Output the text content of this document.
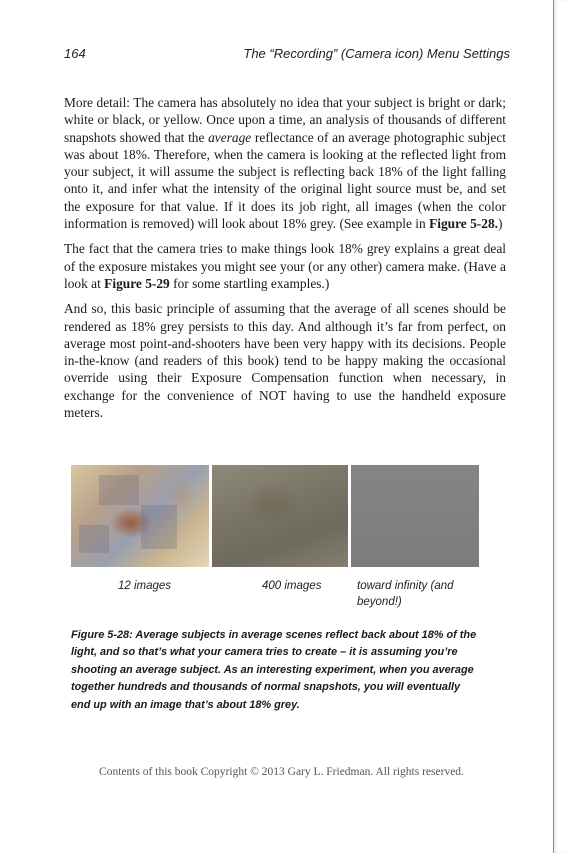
164	The “Recording” (Camera icon) Menu Settings

More detail: The camera has absolutely no idea that your subject is bright or dark; white or black, or yellow. Once upon a time, an analysis of thousands of different snapshots showed that the average reflectance of an average photographic subject was about 18%. Therefore, when the camera is looking at the reflected light from your subject, it will assume the subject is reflecting back 18% of the light falling onto it, and infer what the intensity of the original light source must be, and set the exposure for that value. If it does its job right, all images (when the color information is removed) will look about 18% grey. (See example in Figure 5-28.)

The fact that the camera tries to make things look 18% grey explains a great deal of the exposure mistakes you might see your (or any other) camera make. (Have a look at Figure 5-29 for some startling examples.)

And so, this basic principle of assuming that the average of all scenes should be rendered as 18% grey persists to this day. And although it’s far from perfect, on average most point-and-shooters have been very happy with its decisions. People in-the-know (and readers of this book) tend to be happy making the occasional override using their Exposure Compensation function when necessary, in exchange for the convenience of NOT having to use the handheld exposure meters.

12 images	400 images	toward infinity (and beyond!)
Figure 5-28: Average subjects in average scenes reflect back about 18% of the light, and so that’s what your camera tries to create – it is assuming you’re shooting an average subject. As an interesting experiment, when you average together hundreds and thousands of normal snapshots, you will eventually end up with an image that’s about 18% grey.
Contents of this book Copyright © 2013 Gary L. Friedman. All rights reserved.
